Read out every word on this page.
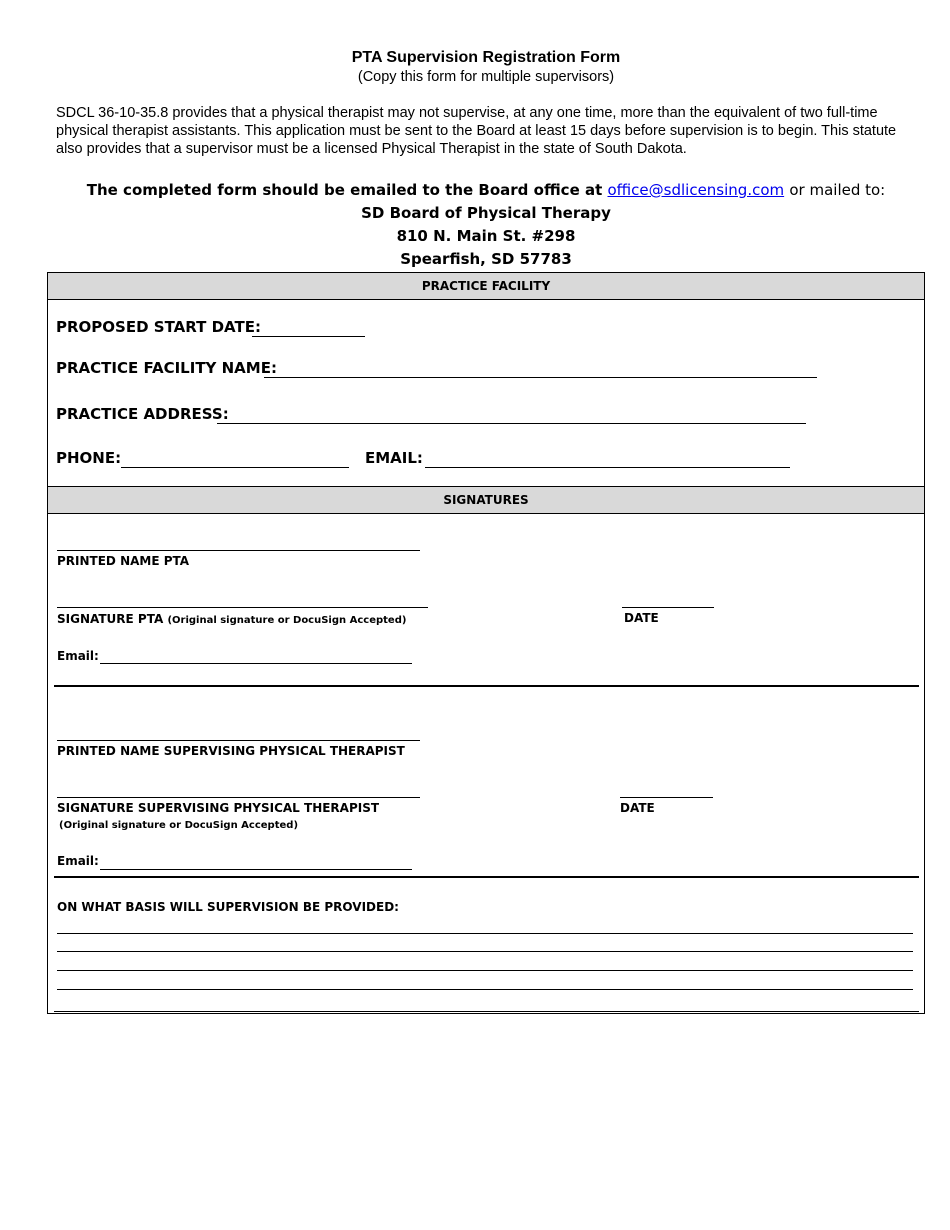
PTA Supervision Registration Form
(Copy this form for multiple supervisors)
SDCL 36-10-35.8 provides that a physical therapist may not supervise, at any one time, more than the equivalent of two full-time physical therapist assistants. This application must be sent to the Board at least 15 days before supervision is to begin. This statute also provides that a supervisor must be a licensed Physical Therapist in the state of South Dakota.
The completed form should be emailed to the Board office at office@sdlicensing.com or mailed to:
SD Board of Physical Therapy
810 N. Main St. #298
Spearfish, SD 57783
PRACTICE FACILITY
PROPOSED START DATE:
PRACTICE FACILITY NAME:
PRACTICE ADDRESS:
PHONE:	EMAIL:
SIGNATURES
PRINTED NAME PTA
SIGNATURE PTA (Original signature or DocuSign Accepted)	DATE
Email:
PRINTED NAME SUPERVISING PHYSICAL THERAPIST
SIGNATURE SUPERVISING PHYSICAL THERAPIST
(Original signature or DocuSign Accepted)
DATE
Email:
ON WHAT BASIS WILL SUPERVISION BE PROVIDED:
